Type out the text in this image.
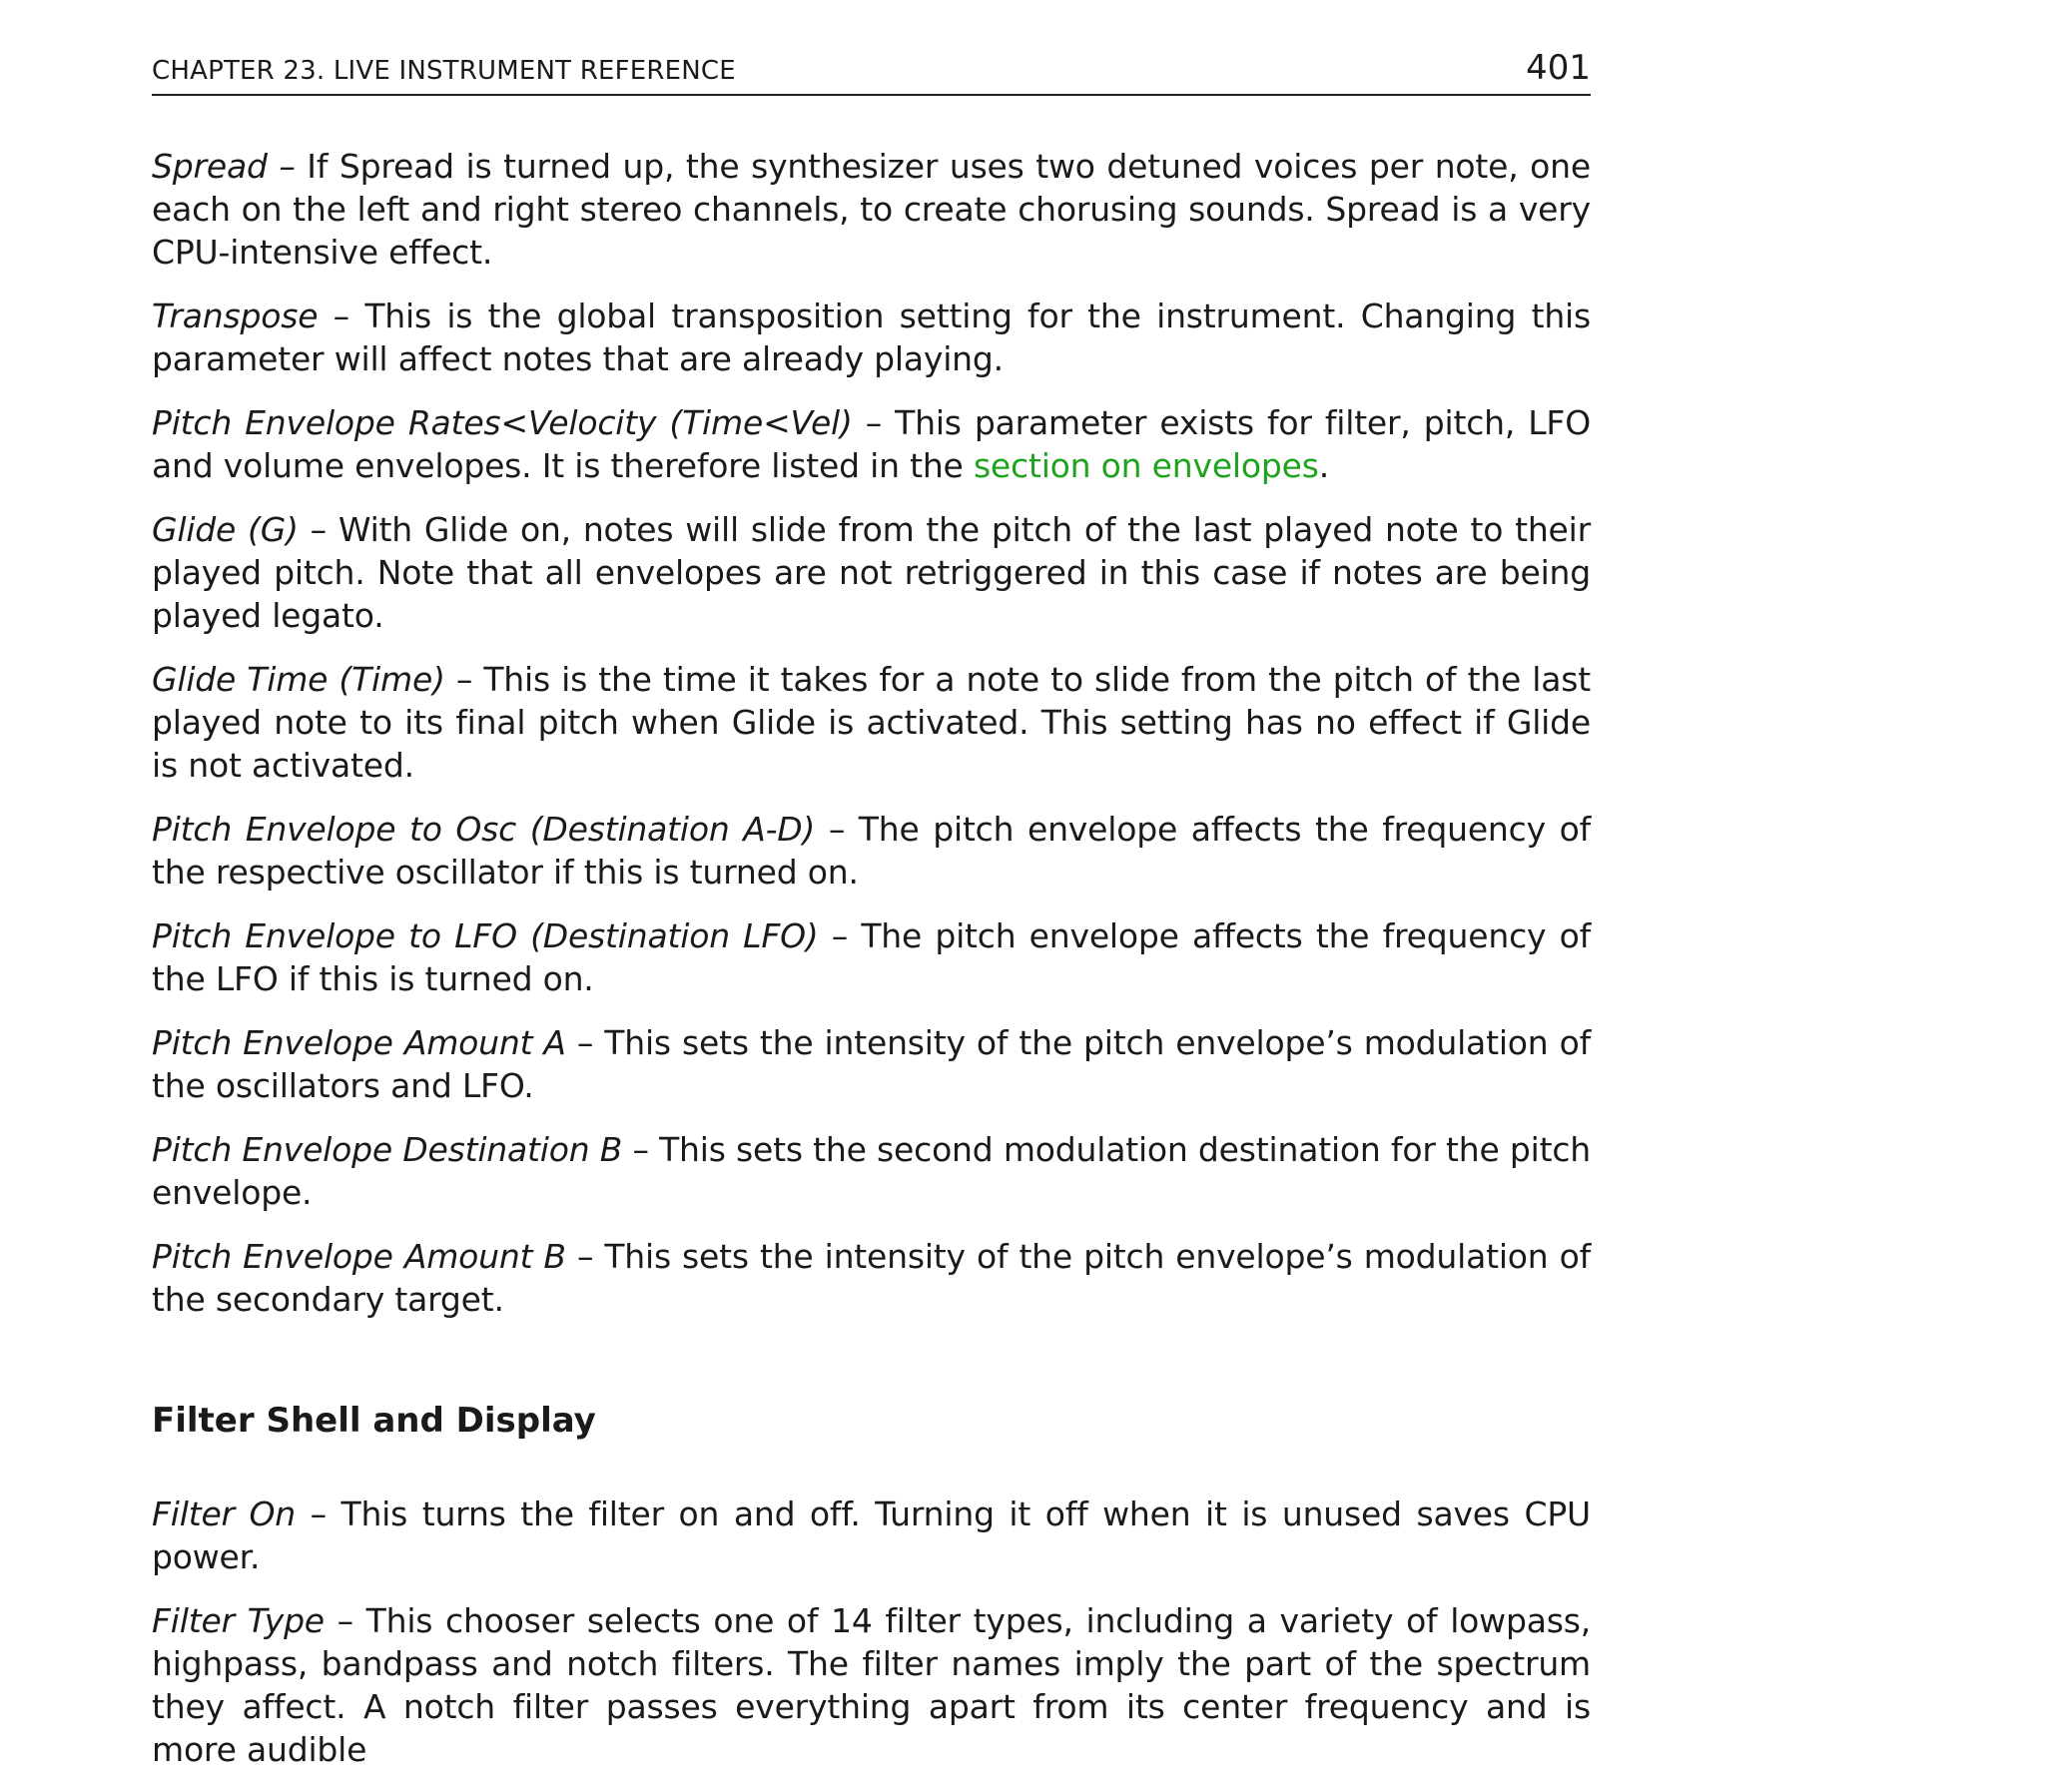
CHAPTER 23. LIVE INSTRUMENT REFERENCE	401

Spread – If Spread is turned up, the synthesizer uses two detuned voices per note, one each on the left and right stereo channels, to create chorusing sounds. Spread is a very CPU-intensive effect.

Transpose – This is the global transposition setting for the instrument. Changing this parameter will affect notes that are already playing.

Pitch Envelope Rates<Velocity (Time<Vel) – This parameter exists for filter, pitch, LFO and volume envelopes. It is therefore listed in the section on envelopes.

Glide (G) – With Glide on, notes will slide from the pitch of the last played note to their played pitch. Note that all envelopes are not retriggered in this case if notes are being played legato.

Glide Time (Time) – This is the time it takes for a note to slide from the pitch of the last played note to its final pitch when Glide is activated. This setting has no effect if Glide is not activated.

Pitch Envelope to Osc (Destination A-D) – The pitch envelope affects the frequency of the respective oscillator if this is turned on.

Pitch Envelope to LFO (Destination LFO) – The pitch envelope affects the frequency of the LFO if this is turned on.

Pitch Envelope Amount A – This sets the intensity of the pitch envelope’s modulation of the oscillators and LFO.

Pitch Envelope Destination B – This sets the second modulation destination for the pitch envelope.

Pitch Envelope Amount B – This sets the intensity of the pitch envelope’s modulation of the secondary target.

Filter Shell and Display

Filter On – This turns the filter on and off. Turning it off when it is unused saves CPU power.

Filter Type – This chooser selects one of 14 filter types, including a variety of lowpass, highpass, bandpass and notch filters. The filter names imply the part of the spectrum they affect. A notch filter passes everything apart from its center frequency and is more audible
